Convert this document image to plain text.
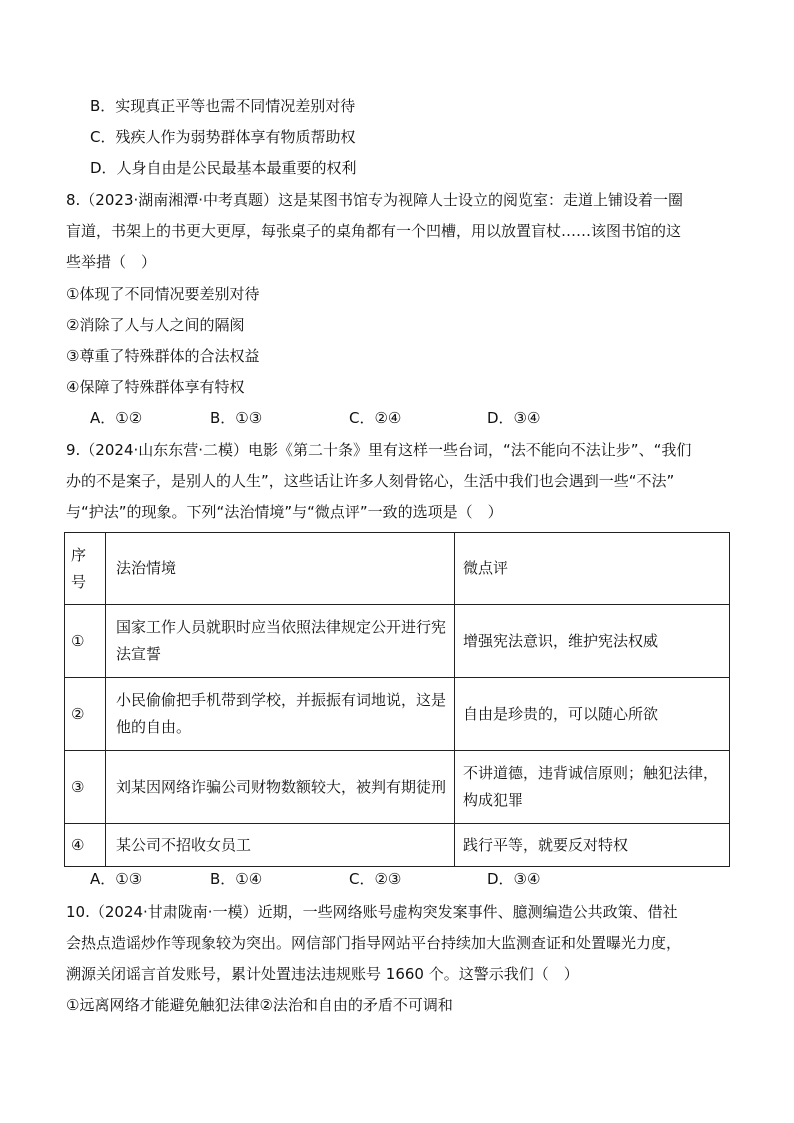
B．实现真正平等也需不同情况差别对待
C．残疾人作为弱势群体享有物质帮助权
D．人身自由是公民最基本最重要的权利
8.（2023·湖南湘潭·中考真题）这是某图书馆专为视障人士设立的阅览室：走道上铺设着一圈
盲道，书架上的书更大更厚，每张桌子的桌角都有一个凹槽，用以放置盲杖……该图书馆的这
些举措（　）
①体现了不同情况要差别对待
②消除了人与人之间的隔阂
③尊重了特殊群体的合法权益
④保障了特殊群体享有特权
A．①②	B．①③	C．②④	D．③④
9.（2024·山东东营·二模）电影《第二十条》里有这样一些台词，“法不能向不法让步”、“我们
办的不是案子，是别人的人生”，这些话让许多人刻骨铭心，生活中我们也会遇到一些“不法”
与“护法”的现象。下列“法治情境”与“微点评”一致的选项是（　）
序号	法治情境	微点评
①	国家工作人员就职时应当依照法律规定公开进行宪法宣誓	增强宪法意识，维护宪法权威
②	小民偷偷把手机带到学校，并振振有词地说，这是他的自由。	自由是珍贵的，可以随心所欲
③	刘某因网络诈骗公司财物数额较大，被判有期徒刑	不讲道德，违背诚信原则；触犯法律，构成犯罪
④	某公司不招收女员工	践行平等，就要反对特权
A．①③	B．①④	C．②③	D．③④
10.（2024·甘肃陇南·一模）近期，一些网络账号虚构突发案事件、臆测编造公共政策、借社
会热点造谣炒作等现象较为突出。网信部门指导网站平台持续加大监测查证和处置曝光力度，
溯源关闭谣言首发账号，累计处置违法违规账号 1660 个。这警示我们（　）
①远离网络才能避免触犯法律②法治和自由的矛盾不可调和
